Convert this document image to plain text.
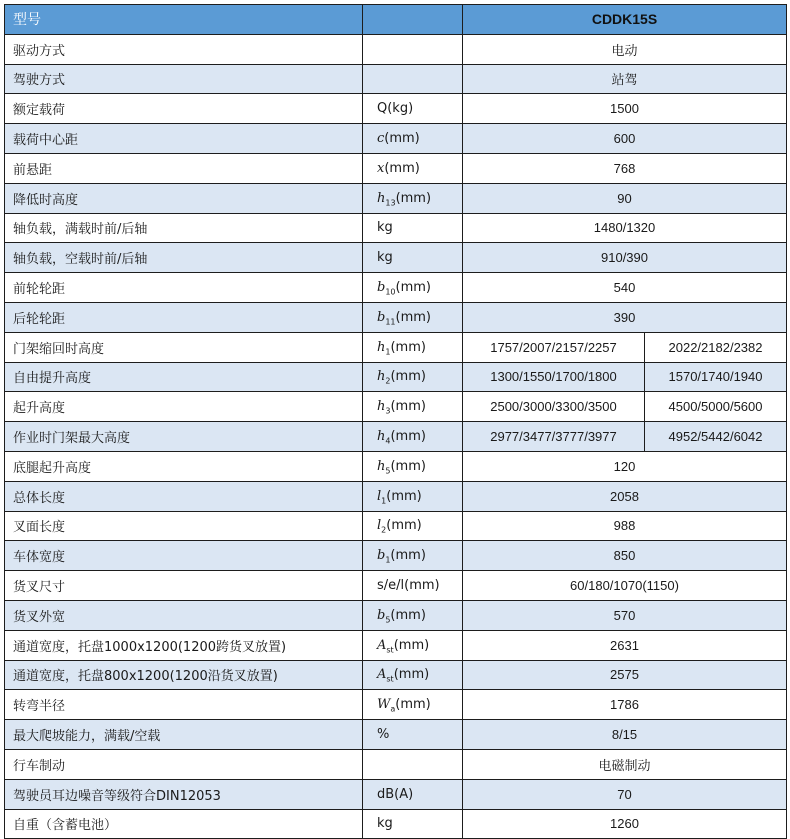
型号		CDDK15S	
驱动方式		电动	
驾驶方式		站驾	
额定载荷	Q(kg)	1500	
载荷中心距	c(mm)	600	
前悬距	x(mm)	768	
降低时高度	$h_{13}(mm)$	90	
轴负载，满载时前/后轴	kg	1480/1320	
轴负载，空载时前/后轴	kg	910/390	
前轮轮距	$b_{10}(mm)$	540	
后轮轮距	$b_{11}(mm)$	390	
门架缩回时高度	$h_1(mm)$	1757/2007/2157/2257	2022/2182/2382
自由提升高度	$h_2(mm)$	1300/1550/1700/1800	1570/1740/1940
起升高度	$h_3(mm)$	2500/3000/3300/3500	4500/5000/5600
作业时门架最大高度	$h_4(mm)$	2977/3477/3777/3977	4952/5442/6042
底腿起升高度	$h_5(mm)$	120	
总体长度	$l_1(mm)$	2058	
叉面长度	$l_2(mm)$	988	
车体宽度	$b_1(mm)$	850	
货叉尺寸	s/e/l(mm)	60/180/1070(1150)	
货叉外宽	$b_5(mm)$	570	
通道宽度，托盘1000x1200(1200跨货叉放置)	$A_{st}(mm)$	2631	
通道宽度，托盘800x1200(1200沿货叉放置)	$A_{st}(mm)$	2575	
转弯半径	$W_a(mm)$	1786	
最大爬坡能力，满载/空载	%	8/15	
行车制动		电磁制动	
驾驶员耳边噪音等级符合DIN12053	dB(A)	70	
自重（含蓄电池）	kg	1260	
